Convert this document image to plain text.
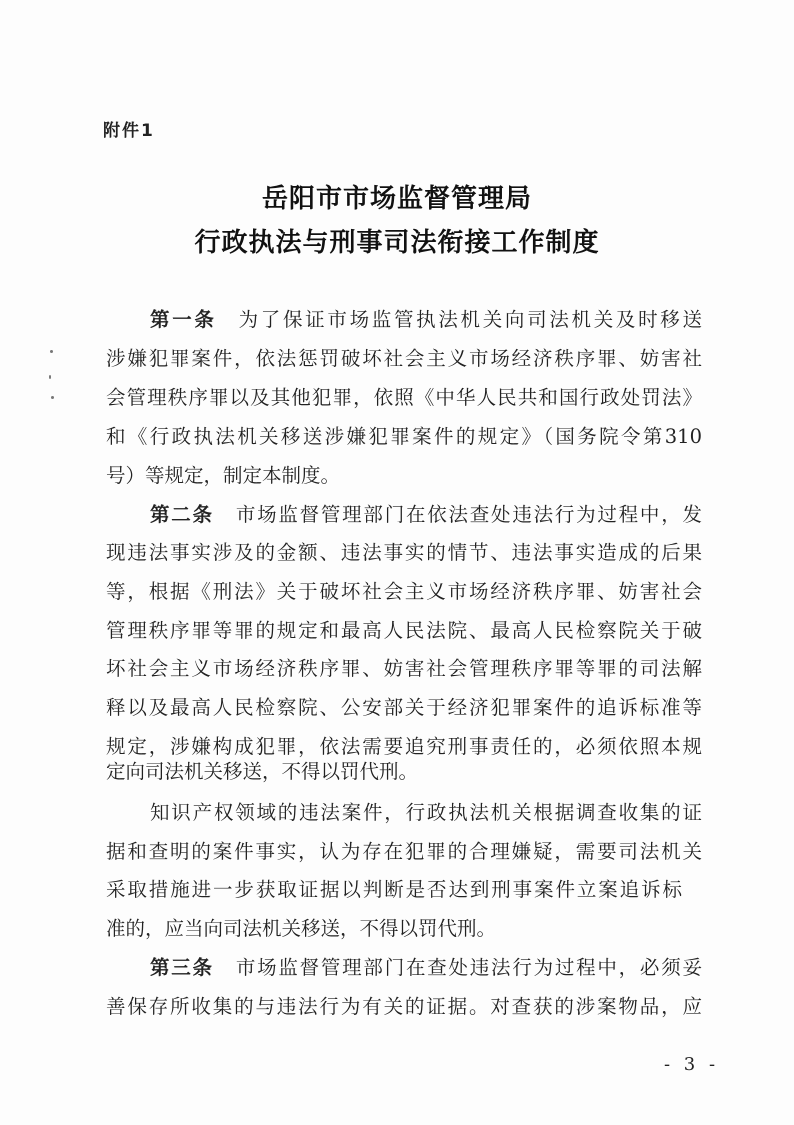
附件1
岳阳市市场监督管理局
行政执法与刑事司法衔接工作制度
第一条 为了保证市场监管执法机关向司法机关及时移送
涉嫌犯罪案件，依法惩罚破坏社会主义市场经济秩序罪、妨害社
会管理秩序罪以及其他犯罪，依照《中华人民共和国行政处罚法》
和《行政执法机关移送涉嫌犯罪案件的规定》（国务院令第310
号）等规定，制定本制度。
第二条 市场监督管理部门在依法查处违法行为过程中，发
现违法事实涉及的金额、违法事实的情节、违法事实造成的后果
等，根据《刑法》关于破坏社会主义市场经济秩序罪、妨害社会
管理秩序罪等罪的规定和最高人民法院、最高人民检察院关于破
坏社会主义市场经济秩序罪、妨害社会管理秩序罪等罪的司法解
释以及最高人民检察院、公安部关于经济犯罪案件的追诉标准等
规定，涉嫌构成犯罪，依法需要追究刑事责任的，必须依照本规
定向司法机关移送，不得以罚代刑。
知识产权领域的违法案件，行政执法机关根据调查收集的证
据和查明的案件事实，认为存在犯罪的合理嫌疑，需要司法机关
采取措施进一步获取证据以判断是否达到刑事案件立案追诉标
准的，应当向司法机关移送，不得以罚代刑。
第三条 市场监督管理部门在查处违法行为过程中，必须妥
善保存所收集的与违法行为有关的证据。对查获的涉案物品，应
- 3 -
